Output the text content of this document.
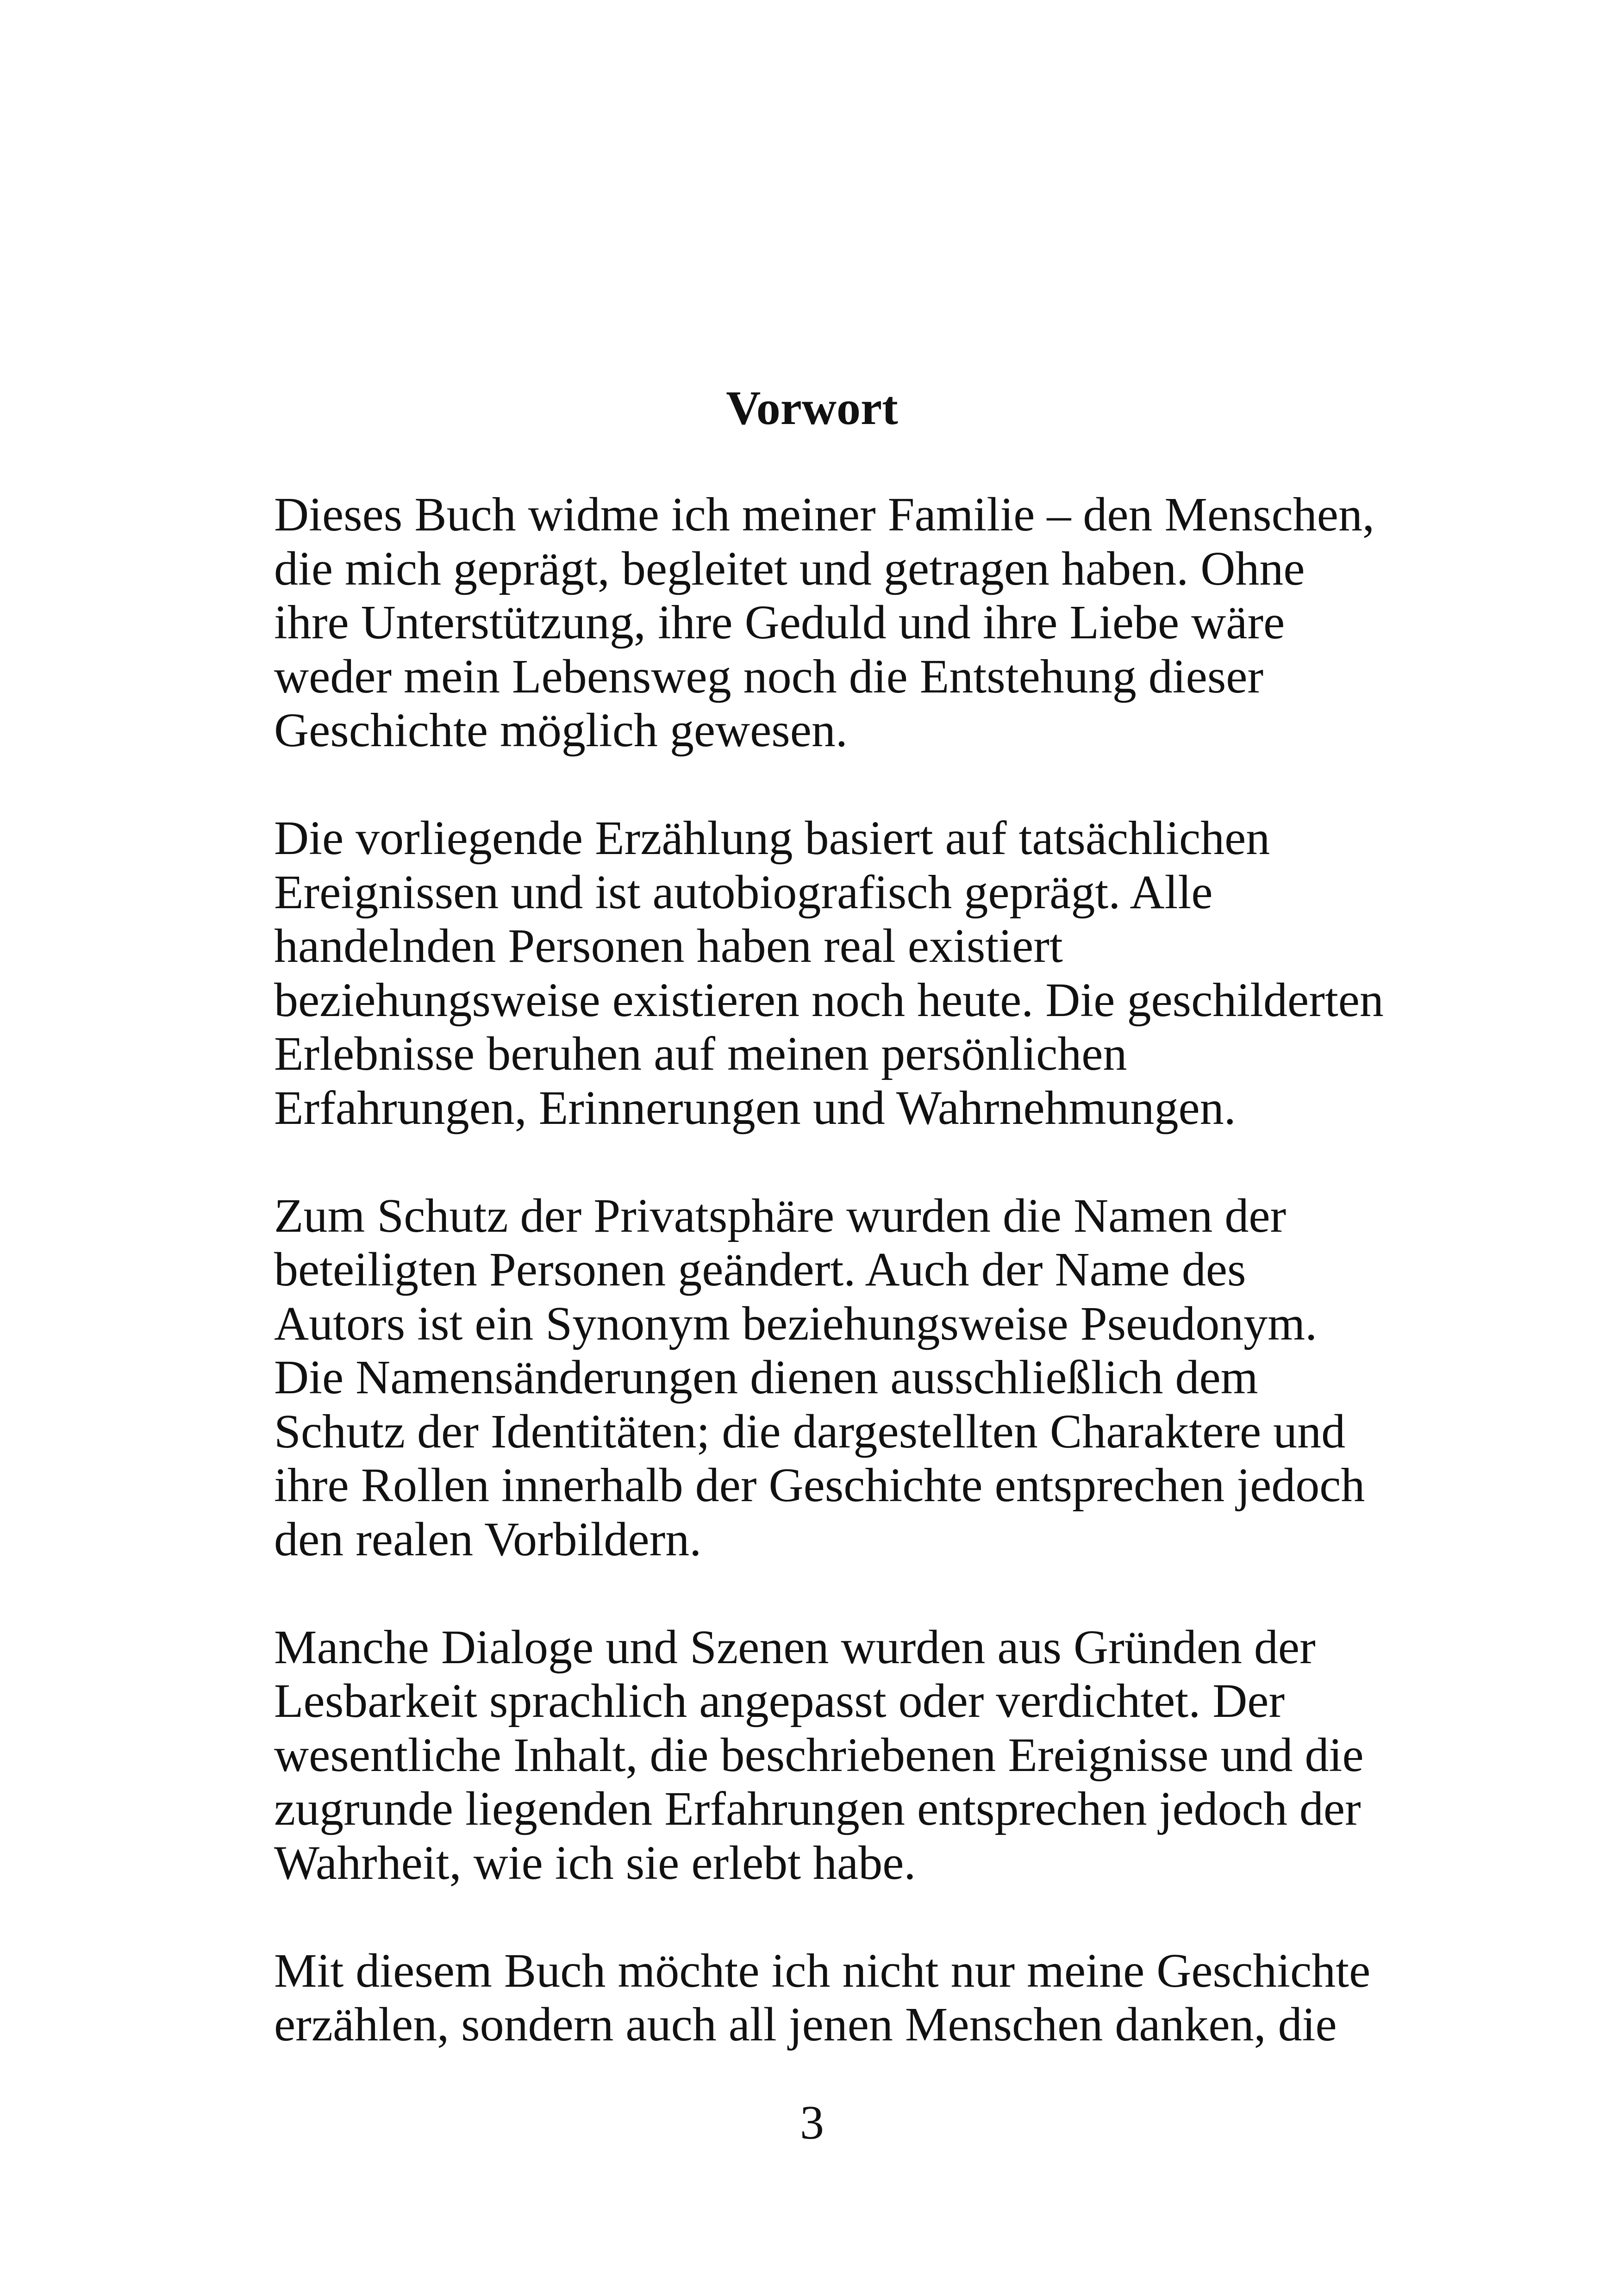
Vorwort
Dieses Buch widme ich meiner Familie – den Menschen,
die mich geprägt, begleitet und getragen haben. Ohne
ihre Unterstützung, ihre Geduld und ihre Liebe wäre
weder mein Lebensweg noch die Entstehung dieser
Geschichte möglich gewesen.
Die vorliegende Erzählung basiert auf tatsächlichen
Ereignissen und ist autobiografisch geprägt. Alle
handelnden Personen haben real existiert
beziehungsweise existieren noch heute. Die geschilderten
Erlebnisse beruhen auf meinen persönlichen
Erfahrungen, Erinnerungen und Wahrnehmungen.
Zum Schutz der Privatsphäre wurden die Namen der
beteiligten Personen geändert. Auch der Name des
Autors ist ein Synonym beziehungsweise Pseudonym.
Die Namensänderungen dienen ausschließlich dem
Schutz der Identitäten; die dargestellten Charaktere und
ihre Rollen innerhalb der Geschichte entsprechen jedoch
den realen Vorbildern.
Manche Dialoge und Szenen wurden aus Gründen der
Lesbarkeit sprachlich angepasst oder verdichtet. Der
wesentliche Inhalt, die beschriebenen Ereignisse und die
zugrunde liegenden Erfahrungen entsprechen jedoch der
Wahrheit, wie ich sie erlebt habe.
Mit diesem Buch möchte ich nicht nur meine Geschichte
erzählen, sondern auch all jenen Menschen danken, die
3
